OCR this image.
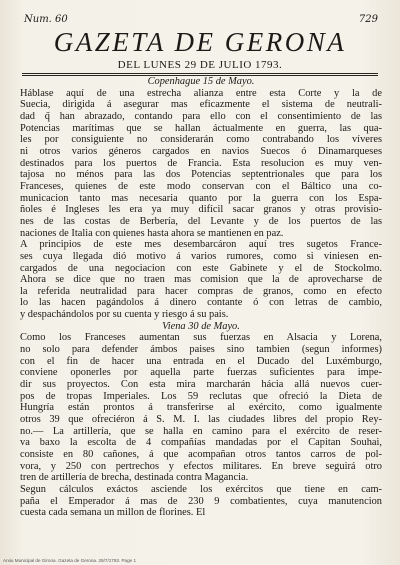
Num. 60	729
GAZETA DE GERONA
DEL LUNES 29 DE JULIO 1793.
Copenhague 15 de Mayo.

Háblase aquí de una estrecha alianza entre esta Corte y la de

Suecia, dirigida á asegurar mas eficazmente el sistema de neutrali-

dad q̃ han abrazado, contando para ello con el consentimiento de las

Potencias marítimas que se hallan áctualmente en guerra, las qua-

les por consiguiente no considerarán como contrabando los víveres

ni otros varios géneros cargados en navios Suecos ó Dinamarqueses

destinados para los puertos de Francia. Esta resolucion es muy ven-

tajosa no ménos para las dos Potencias septentrionales que para los

Franceses, quienes de este modo conservan con el Báltico una co-

municacion tanto mas necesaria quanto por la guerra con los Espa-

ñoles é Ingleses les era ya muy difícil sacar granos y otras provisio-

nes de las costas de Berbería, del Levante y de los puertos de las

naciones de Italia con quienes hasta ahora se mantienen en paz.

A principios de este mes desembarcáron aquí tres sugetos France-

ses cuya llegada dió motivo á varios rumores, como si viniesen en-

cargados de una negociacion con este Gabinete y el de Stockolmo.

Ahora se dice que no traen mas comision que la de aprovecharse de

la referida neutralidad para hacer compras de granos, como en efecto

lo las hacen pagándolos á dinero contante ó con letras de cambio,

y despachándolos por su cuenta y riesgo á su pais.

Viena 30 de Mayo.

Como los Franceses aumentan sus fuerzas en Alsacia y Lorena,

no solo para defender ámbos paises sino tambien (segun informes)

con el fin de hacer una entrada en el Ducado del Luxémburgo,

conviene oponerles por aquella parte fuerzas suficientes para impe-

dir sus proyectos. Con esta mira marcharán hácia allá nuevos cuer-

pos de tropas Imperiales. Los 59 reclutas que ofreció la Dieta de

Hungría están prontos á transferirse al exército, como igualmente

otros 39 que ofreciéron á S. M. I. las ciudades libres del propio Rey-

no.— La artillería, que se halla en camino para el exército de reser-

va baxo la escolta de 4 compañías mandadas por el Capitan Souhai,

consiste en 80 cañones, á que acompañan otros tantos carros de pol-

vora, y 250 con pertrechos y efectos militares. En breve seguirá otro

tren de artillería de brecha, destinada contra Magancia.

Segun cálculos exáctos asciende los exércitos que tiene en cam-

paña el Emperador á mas de 230 9 combatientes, cuya manutencion

cuesta cada semana un millon de florines. El

Arxiu Municipal de Girona. Gazeta de Gerona. 29/7/1793. Page 1
